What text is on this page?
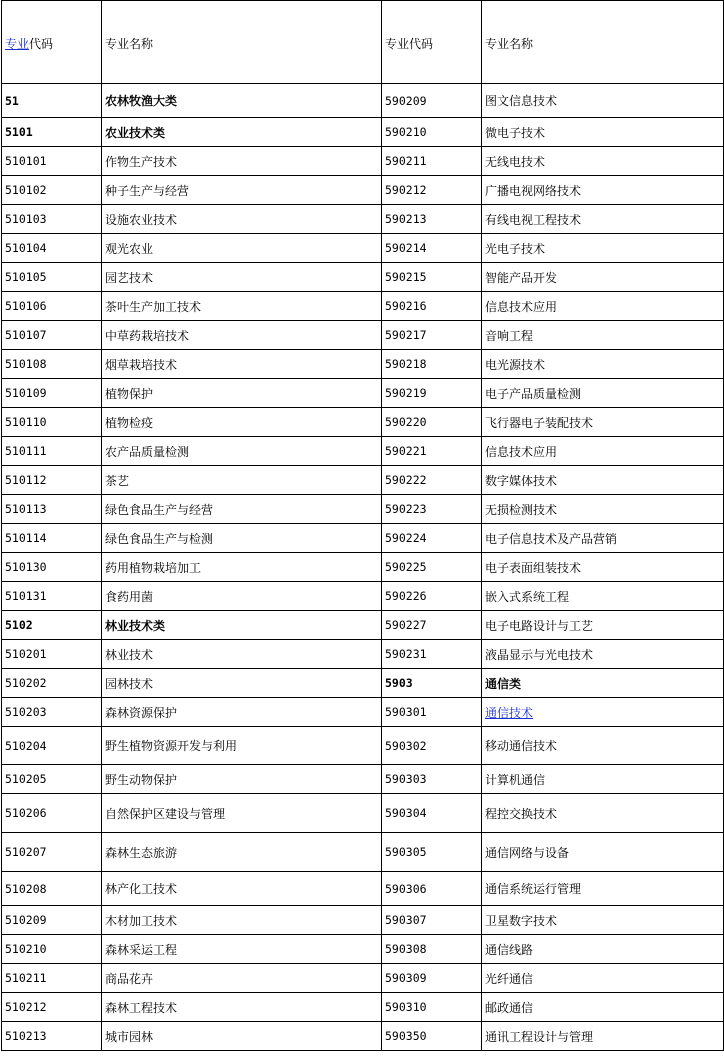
专业代码	专业名称	专业代码	专业名称
51	农林牧渔大类	590209	图文信息技术
5101	农业技术类	590210	微电子技术
510101	作物生产技术	590211	无线电技术
510102	种子生产与经营	590212	广播电视网络技术
510103	设施农业技术	590213	有线电视工程技术
510104	观光农业	590214	光电子技术
510105	园艺技术	590215	智能产品开发
510106	茶叶生产加工技术	590216	信息技术应用
510107	中草药栽培技术	590217	音响工程
510108	烟草栽培技术	590218	电光源技术
510109	植物保护	590219	电子产品质量检测
510110	植物检疫	590220	飞行器电子装配技术
510111	农产品质量检测	590221	信息技术应用
510112	茶艺	590222	数字媒体技术
510113	绿色食品生产与经营	590223	无损检测技术
510114	绿色食品生产与检测	590224	电子信息技术及产品营销
510130	药用植物栽培加工	590225	电子表面组装技术
510131	食药用菌	590226	嵌入式系统工程
5102	林业技术类	590227	电子电路设计与工艺
510201	林业技术	590231	液晶显示与光电技术
510202	园林技术	5903	通信类
510203	森林资源保护	590301	通信技术
510204	野生植物资源开发与利用	590302	移动通信技术
510205	野生动物保护	590303	计算机通信
510206	自然保护区建设与管理	590304	程控交换技术
510207	森林生态旅游	590305	通信网络与设备
510208	林产化工技术	590306	通信系统运行管理
510209	木材加工技术	590307	卫星数字技术
510210	森林采运工程	590308	通信线路
510211	商品花卉	590309	光纤通信
510212	森林工程技术	590310	邮政通信
510213	城市园林	590350	通讯工程设计与管理
